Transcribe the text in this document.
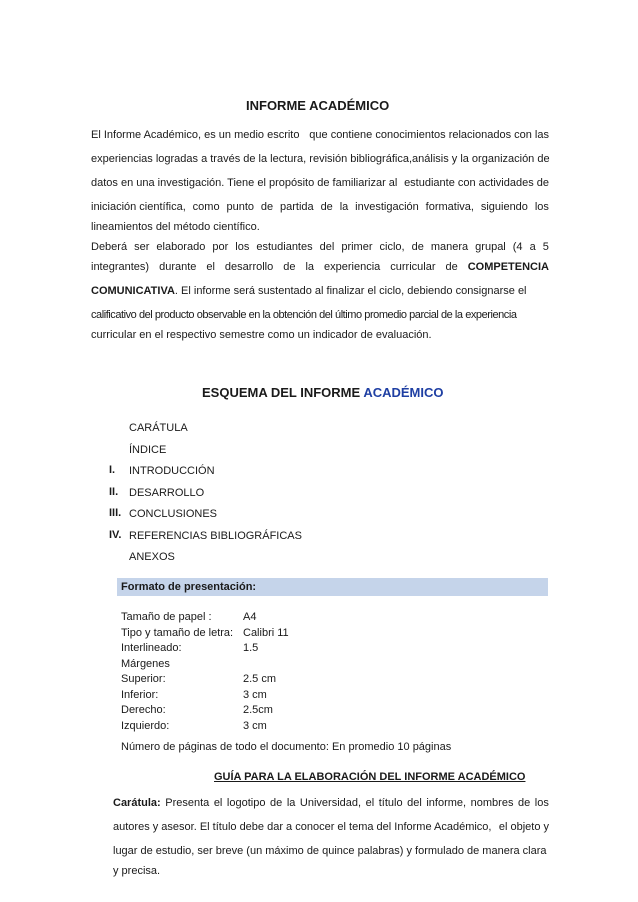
INFORME ACADÉMICO
El Informe Académico, es un medio escrito que contiene conocimientos relacionados con las
experiencias logradas a través de la lectura, revisión bibliográfica, análisis y la organización de
datos en una investigación. Tiene el propósito de familiarizar al estudiante con actividades de
iniciación científica, como punto de partida de la investigación formativa, siguiendo los
lineamientos del método científico.
Deberá ser elaborado por los estudiantes del primer ciclo, de manera grupal (4 a 5
integrantes) durante el desarrollo de la experiencia curricular de COMPETENCIA
COMUNICATIVA. El informe será sustentado al finalizar el ciclo, debiendo consignarse el
calificativo del producto observable en la obtención del último promedio parcial de la experiencia
curricular en el respectivo semestre como un indicador de evaluación.
ESQUEMA DEL INFORME ACADÉMICO
CARÁTULA
ÍNDICE
I. INTRODUCCIÓN
II. DESARROLLO
III. CONCLUSIONES
IV. REFERENCIAS BIBLIOGRÁFICAS
ANEXOS
Formato de presentación:
Tamaño de papel :	A4
Tipo y tamaño de letra: Calibri 11
Interlineado:	1.5
Márgenes
Superior:	2.5 cm
Inferior:	3 cm
Derecho:	2.5cm
Izquierdo:	3 cm
Número de páginas de todo el documento: En promedio 10 páginas
GUÍA PARA LA ELABORACIÓN DEL INFORME ACADÉMICO
Carátula: Presenta el logotipo de la Universidad, el título del informe, nombres de los
autores y asesor. El título debe dar a conocer el tema del Informe Académico, el objeto y
lugar de estudio, ser breve (un máximo de quince palabras) y formulado de manera clara
y precisa.
